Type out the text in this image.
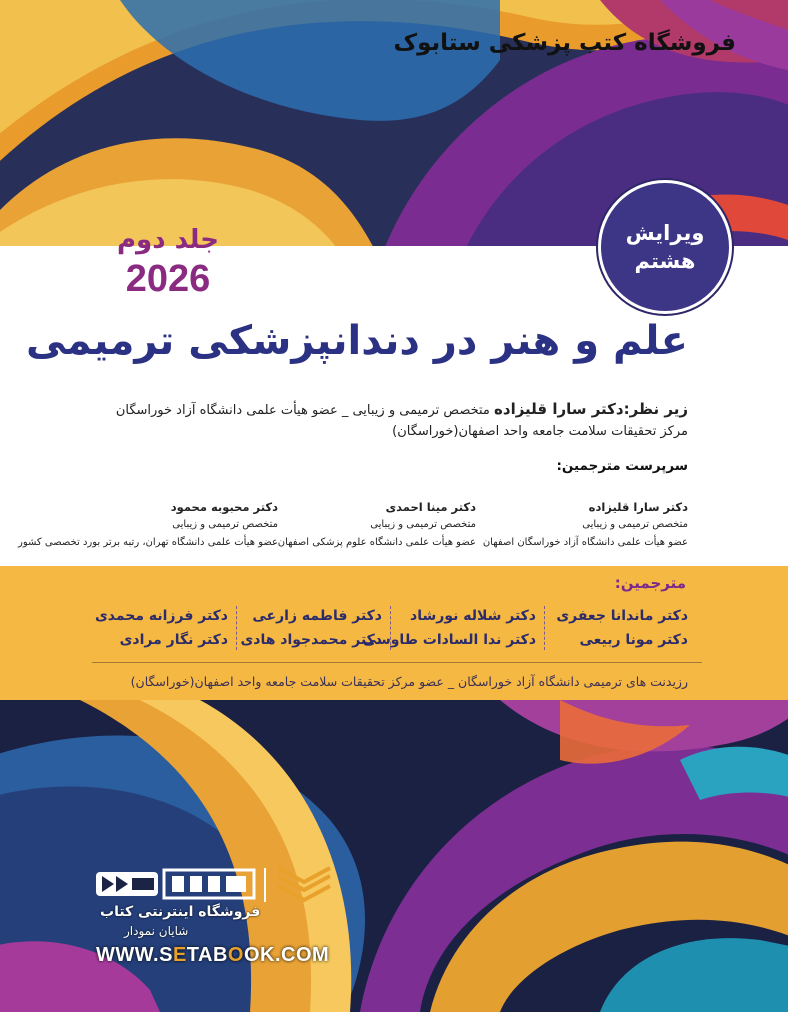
فروشگاه کتب پزشکی ستابوک
ویرایش
هشتم
جلد دوم
2026
علم و هنر در دندانپزشکی ترمیمی
زیر نظر:دکتر سارا قلیزاده متخصص ترمیمی و زیبایی _ عضو هیأت علمی دانشگاه آزاد خوراسگان
مرکز تحقیقات سلامت جامعه واحد اصفهان(خوراسگان)
سرپرست مترجمین:
دکتر سارا قلیزاده
متخصص ترمیمی و زیبایی
عضو هیأت علمی دانشگاه آزاد خوراسگان اصفهان
دکتر مینا احمدی
متخصص ترمیمی و زیبایی
عضو هیأت علمی دانشگاه علوم پزشکی اصفهان
دکتر محبوبه محمود
متخصص ترمیمی و زیبایی
عضو هیأت علمی دانشگاه تهران، رتبه برتر بورد تخصصی کشور
مترجمین:
دکتر ماندانا جعفری
دکتر مونا ربیعی
دکتر شلاله نورشاد
دکتر ندا السادات طاوسی
دکتر فاطمه زارعی
دکتر محمدجواد هادی
دکتر فرزانه محمدی
دکتر نگار مرادی
رزیدنت های ترمیمی دانشگاه آزاد خوراسگان _ عضو مرکز تحقیقات سلامت جامعه واحد اصفهان(خوراسگان)
فروشگاه اینترنتی کتاب
شایان نمودار
WWW.SETABOOK.COM
